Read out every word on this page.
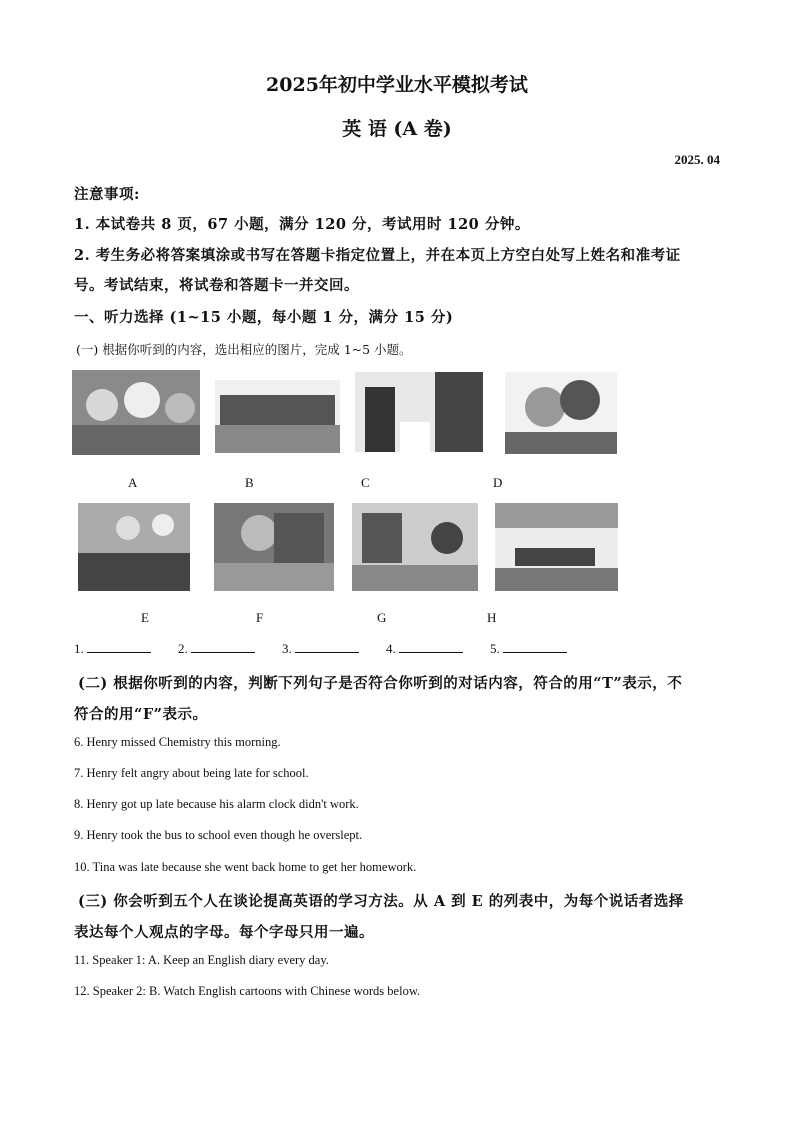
2025年初中学业水平模拟考试
英 语 (A 卷)
2025. 04
注意事项:
1. 本试卷共 8 页，67 小题，满分 120 分，考试用时 120 分钟。
2. 考生务必将答案填涂或书写在答题卡指定位置上，并在本页上方空白处写上姓名和准考证
号。考试结束，将试卷和答题卡一并交回。
一、听力选择 (1~15 小题，每小题 1 分，满分 15 分)
(一) 根据你听到的内容，选出相应的图片，完成 1~5 小题。
A	B	C	D
E	F	G	H
1.	2.	3.	4.	5.
(二) 根据你听到的内容，判断下列句子是否符合你听到的对话内容，符合的用“T”表示，不
符合的用“F”表示。
6. Henry missed Chemistry this morning.
7. Henry felt angry about being late for school.
8. Henry got up late because his alarm clock didn't work.
9. Henry took the bus to school even though he overslept.
10. Tina was late because she went back home to get her homework.
(三) 你会听到五个人在谈论提高英语的学习方法。从 A 到 E 的列表中，为每个说话者选择
表达每个人观点的字母。每个字母只用一遍。
11. Speaker 1: A. Keep an English diary every day.
12. Speaker 2: B. Watch English cartoons with Chinese words below.
